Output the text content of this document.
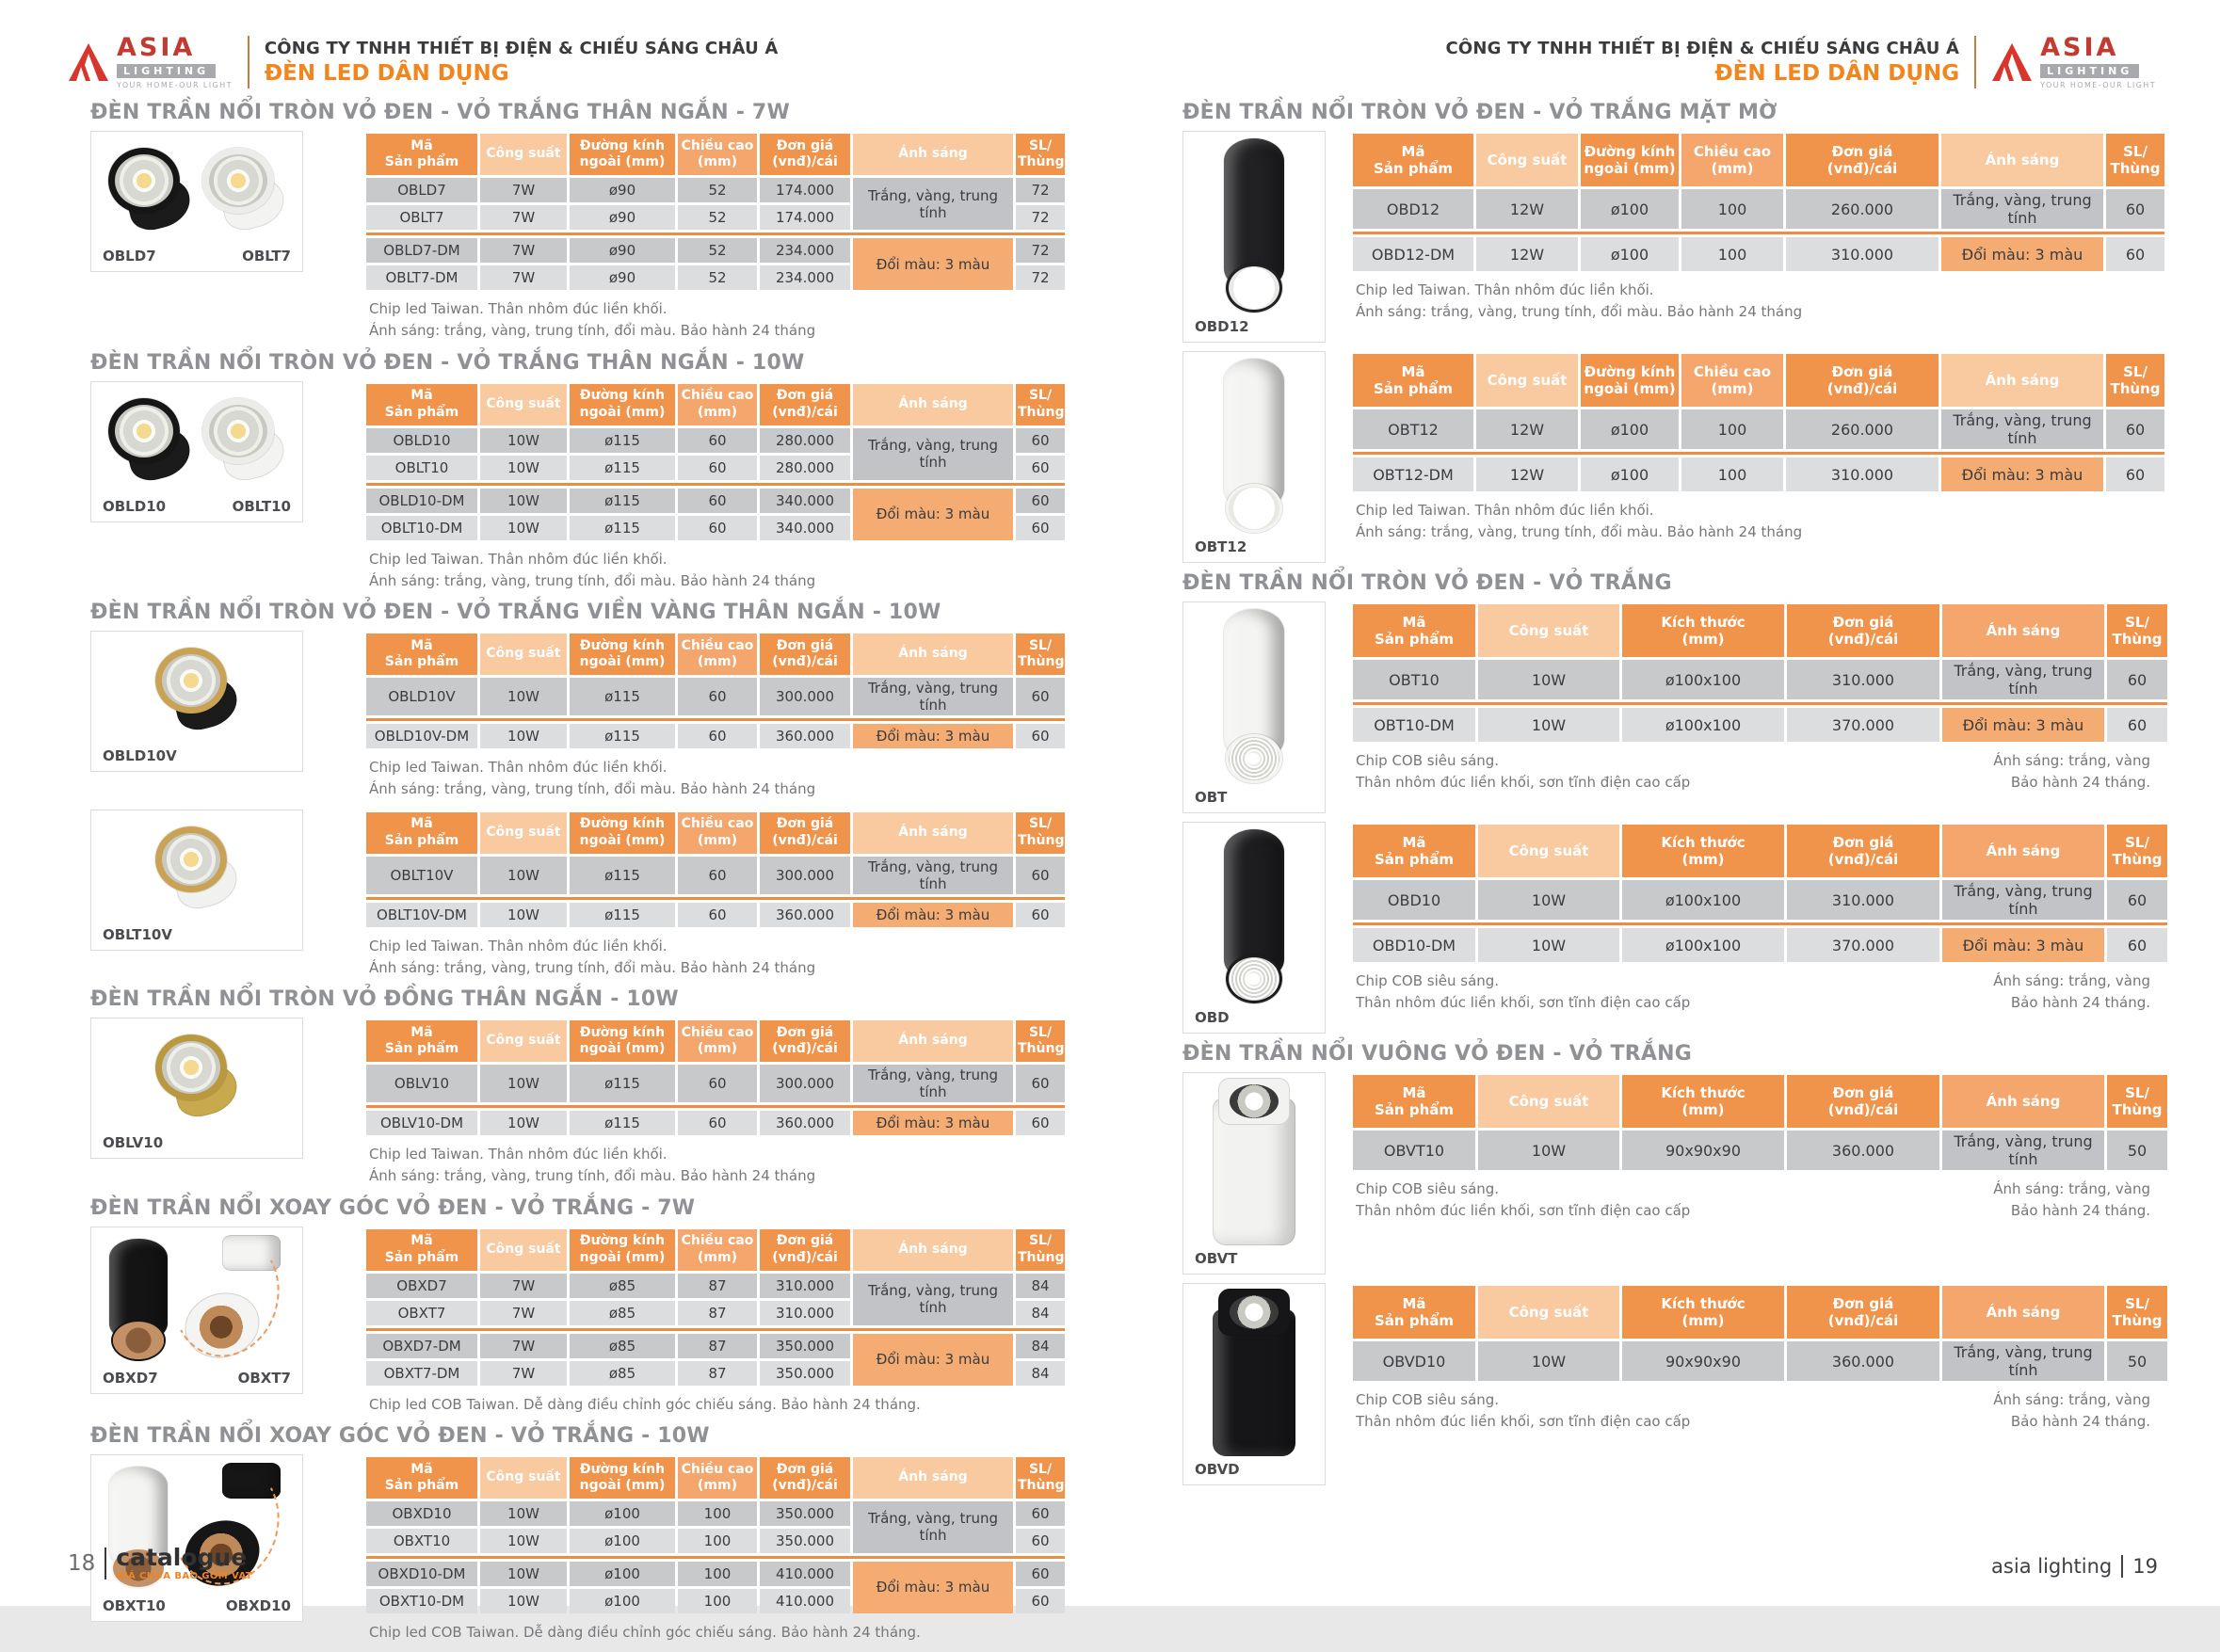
ASIA
LIGHTING
YOUR HOME-OUR LIGHT
CÔNG TY TNHH THIẾT BỊ ĐIỆN & CHIẾU SÁNG CHÂU Á
ĐÈN LED DÂN DỤNG
ĐÈN TRẦN NỔI TRÒN VỎ ĐEN - VỎ TRẮNG THÂN NGẮN - 7W
OBLD7	OBLT7
Mã
Sản phẩm	Công suất	Đường kính
ngoài (mm)	Chiều cao
(mm)	Đơn giá
(vnđ)/cái	Ánh sáng	SL/
Thùng
OBLD7	7W	ø90	52	174.000	Trắng, vàng, trung tính	72
OBLT7	7W	ø90	52	174.000		72

OBLD7-DM	7W	ø90	52	234.000	Đổi màu: 3 màu	72
OBLT7-DM	7W	ø90	52	234.000		72
Chip led Taiwan. Thân nhôm đúc liền khối.
Ánh sáng: trắng, vàng, trung tính, đổi màu. Bảo hành 24 tháng
ĐÈN TRẦN NỔI TRÒN VỎ ĐEN - VỎ TRẮNG THÂN NGẮN - 10W
OBLD10	OBLT10
Mã
Sản phẩm	Công suất	Đường kính
ngoài (mm)	Chiều cao
(mm)	Đơn giá
(vnđ)/cái	Ánh sáng	SL/
Thùng
OBLD10	10W	ø115	60	280.000	Trắng, vàng, trung tính	60
OBLT10	10W	ø115	60	280.000		60

OBLD10-DM	10W	ø115	60	340.000	Đổi màu: 3 màu	60
OBLT10-DM	10W	ø115	60	340.000		60
Chip led Taiwan. Thân nhôm đúc liền khối.
Ánh sáng: trắng, vàng, trung tính, đổi màu. Bảo hành 24 tháng
ĐÈN TRẦN NỔI TRÒN VỎ ĐEN - VỎ TRẮNG VIỀN VÀNG THÂN NGẮN - 10W
OBLD10V
Mã
Sản phẩm	Công suất	Đường kính
ngoài (mm)	Chiều cao
(mm)	Đơn giá
(vnđ)/cái	Ánh sáng	SL/
Thùng
OBLD10V	10W	ø115	60	300.000	Trắng, vàng, trung tính	60

OBLD10V-DM	10W	ø115	60	360.000	Đổi màu: 3 màu	60
Chip led Taiwan. Thân nhôm đúc liền khối.
Ánh sáng: trắng, vàng, trung tính, đổi màu. Bảo hành 24 tháng
OBLT10V
Mã
Sản phẩm	Công suất	Đường kính
ngoài (mm)	Chiều cao
(mm)	Đơn giá
(vnđ)/cái	Ánh sáng	SL/
Thùng
OBLT10V	10W	ø115	60	300.000	Trắng, vàng, trung tính	60

OBLT10V-DM	10W	ø115	60	360.000	Đổi màu: 3 màu	60
Chip led Taiwan. Thân nhôm đúc liền khối.
Ánh sáng: trắng, vàng, trung tính, đổi màu. Bảo hành 24 tháng
ĐÈN TRẦN NỔI TRÒN VỎ ĐỒNG THÂN NGẮN - 10W
OBLV10
Mã
Sản phẩm	Công suất	Đường kính
ngoài (mm)	Chiều cao
(mm)	Đơn giá
(vnđ)/cái	Ánh sáng	SL/
Thùng
OBLV10	10W	ø115	60	300.000	Trắng, vàng, trung tính	60

OBLV10-DM	10W	ø115	60	360.000	Đổi màu: 3 màu	60
Chip led Taiwan. Thân nhôm đúc liền khối.
Ánh sáng: trắng, vàng, trung tính, đổi màu. Bảo hành 24 tháng
ĐÈN TRẦN NỔI XOAY GÓC VỎ ĐEN - VỎ TRẮNG - 7W
OBXD7	OBXT7
Mã
Sản phẩm	Công suất	Đường kính
ngoài (mm)	Chiều cao
(mm)	Đơn giá
(vnđ)/cái	Ánh sáng	SL/
Thùng
OBXD7	7W	ø85	87	310.000	Trắng, vàng, trung tính	84
OBXT7	7W	ø85	87	310.000		84

OBXD7-DM	7W	ø85	87	350.000	Đổi màu: 3 màu	84
OBXT7-DM	7W	ø85	87	350.000		84
Chip led COB Taiwan. Dễ dàng điều chỉnh góc chiếu sáng. Bảo hành 24 tháng.
ĐÈN TRẦN NỔI XOAY GÓC VỎ ĐEN - VỎ TRẮNG - 10W
OBXT10	OBXD10
Mã
Sản phẩm	Công suất	Đường kính
ngoài (mm)	Chiều cao
(mm)	Đơn giá
(vnđ)/cái	Ánh sáng	SL/
Thùng
OBXD10	10W	ø100	100	350.000	Trắng, vàng, trung tính	60
OBXT10	10W	ø100	100	350.000		60

OBXD10-DM	10W	ø100	100	410.000	Đổi màu: 3 màu	60
OBXT10-DM	10W	ø100	100	410.000		60
Chip led COB Taiwan. Dễ dàng điều chỉnh góc chiếu sáng. Bảo hành 24 tháng.
CÔNG TY TNHH THIẾT BỊ ĐIỆN & CHIẾU SÁNG CHÂU Á
ĐÈN LED DÂN DỤNG
ASIA
LIGHTING
YOUR HOME-OUR LIGHT
ĐÈN TRẦN NỔI TRÒN VỎ ĐEN - VỎ TRẮNG MẶT MỜ
OBD12
Mã
Sản phẩm	Công suất	Đường kính
ngoài (mm)	Chiều cao
(mm)	Đơn giá
(vnđ)/cái	Ánh sáng	SL/
Thùng
OBD12	12W	ø100	100	260.000	Trắng, vàng, trung tính	60

OBD12-DM	12W	ø100	100	310.000	Đổi màu: 3 màu	60
Chip led Taiwan. Thân nhôm đúc liền khối.
Ánh sáng: trắng, vàng, trung tính, đổi màu. Bảo hành 24 tháng
OBT12
Mã
Sản phẩm	Công suất	Đường kính
ngoài (mm)	Chiều cao
(mm)	Đơn giá
(vnđ)/cái	Ánh sáng	SL/
Thùng
OBT12	12W	ø100	100	260.000	Trắng, vàng, trung tính	60

OBT12-DM	12W	ø100	100	310.000	Đổi màu: 3 màu	60
Chip led Taiwan. Thân nhôm đúc liền khối.
Ánh sáng: trắng, vàng, trung tính, đổi màu. Bảo hành 24 tháng
ĐÈN TRẦN NỔI TRÒN VỎ ĐEN - VỎ TRẮNG
OBT
Mã
Sản phẩm	Công suất	Kích thước
(mm)	Đơn giá
(vnđ)/cái	Ánh sáng	SL/
Thùng
OBT10	10W	ø100x100	310.000	Trắng, vàng, trung tính	60

OBT10-DM	10W	ø100x100	370.000	Đổi màu: 3 màu	60
Chip COB siêu sáng.
Thân nhôm đúc liền khối, sơn tĩnh điện cao cấp
Ánh sáng: trắng, vàng
Bảo hành 24 tháng.
OBD
Mã
Sản phẩm	Công suất	Kích thước
(mm)	Đơn giá
(vnđ)/cái	Ánh sáng	SL/
Thùng
OBD10	10W	ø100x100	310.000	Trắng, vàng, trung tính	60

OBD10-DM	10W	ø100x100	370.000	Đổi màu: 3 màu	60
Chip COB siêu sáng.
Thân nhôm đúc liền khối, sơn tĩnh điện cao cấp
Ánh sáng: trắng, vàng
Bảo hành 24 tháng.
ĐÈN TRẦN NỔI VUÔNG VỎ ĐEN - VỎ TRẮNG
OBVT
Mã
Sản phẩm	Công suất	Kích thước
(mm)	Đơn giá
(vnđ)/cái	Ánh sáng	SL/
Thùng
OBVT10	10W	90x90x90	360.000	Trắng, vàng, trung tính	50
Chip COB siêu sáng.
Thân nhôm đúc liền khối, sơn tĩnh điện cao cấp
Ánh sáng: trắng, vàng
Bảo hành 24 tháng.
OBVD
Mã
Sản phẩm	Công suất	Kích thước
(mm)	Đơn giá
(vnđ)/cái	Ánh sáng	SL/
Thùng
OBVD10	10W	90x90x90	360.000	Trắng, vàng, trung tính	50
Chip COB siêu sáng.
Thân nhôm đúc liền khối, sơn tĩnh điện cao cấp
Ánh sáng: trắng, vàng
Bảo hành 24 tháng.
18 catalogue
GIÁ CHƯA BAO GỒM VAT	asia lighting 19
